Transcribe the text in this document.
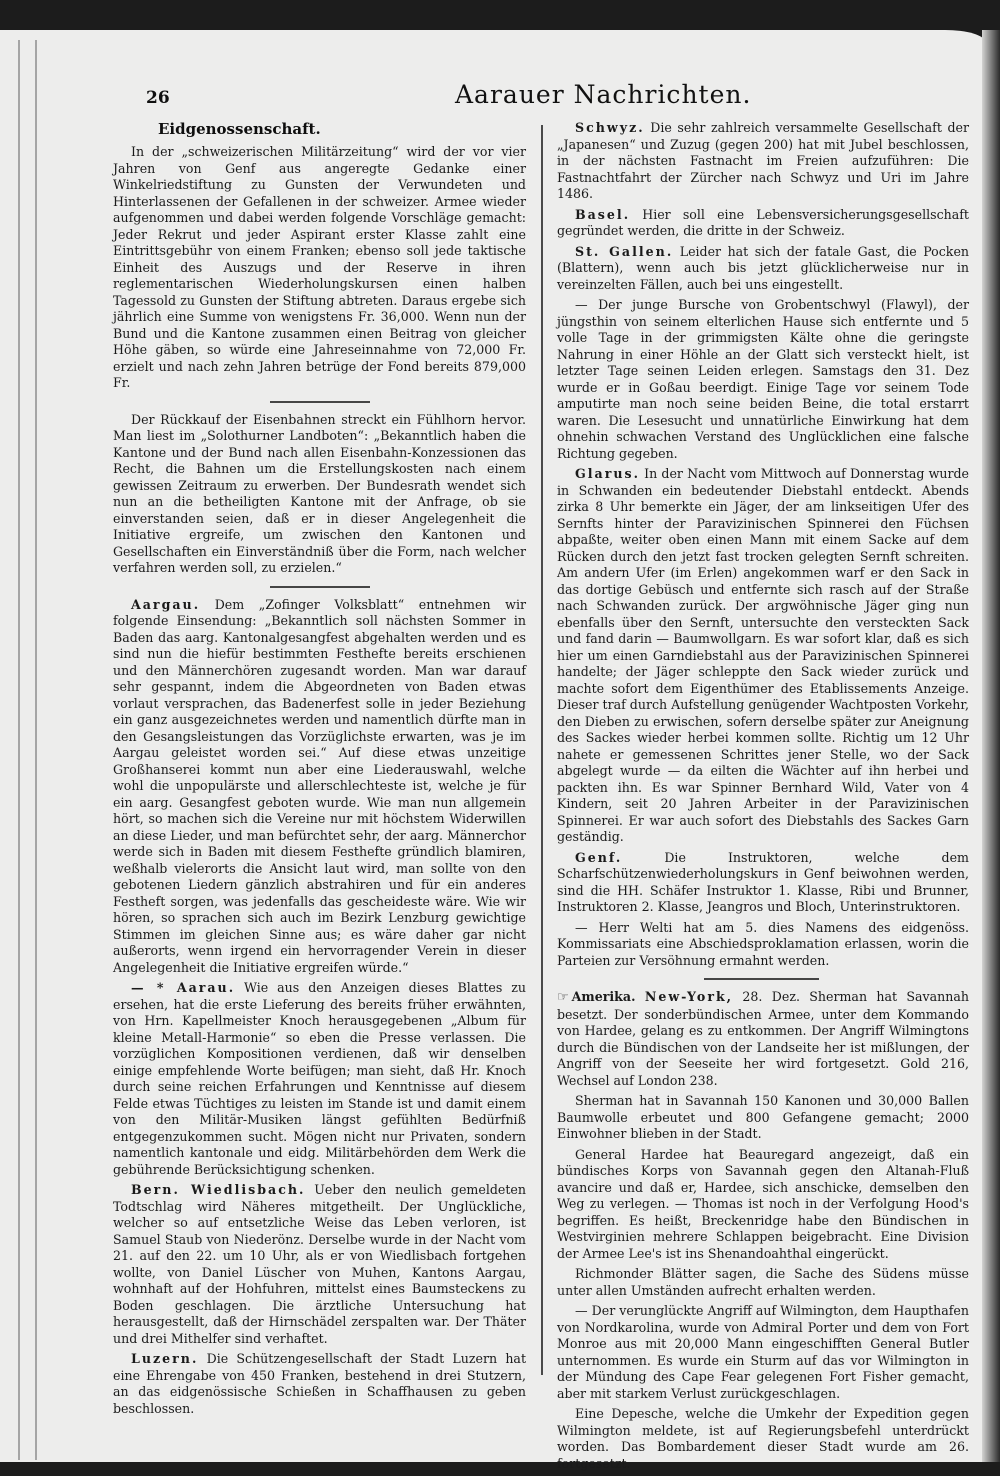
26	Aarauer Nachrichten.
Eidgenossenschaft.

In der „schweizerischen Militärzeitung“ wird der vor vier Jahren von Genf aus angeregte Gedanke einer Winkelriedstiftung zu Gunsten der Verwundeten und Hinterlassenen der Gefallenen in der schweizer. Armee wieder aufgenommen und dabei werden folgende Vorschläge gemacht: Jeder Rekrut und jeder Aspirant erster Klasse zahlt eine Eintrittsgebühr von einem Franken; ebenso soll jede taktische Einheit des Auszugs und der Reserve in ihren reglementarischen Wiederholungskursen einen halben Tagessold zu Gunsten der Stiftung abtreten. Daraus ergebe sich jährlich eine Summe von wenigstens Fr. 36,000. Wenn nun der Bund und die Kantone zusammen einen Beitrag von gleicher Höhe gäben, so würde eine Jahreseinnahme von 72,000 Fr. erzielt und nach zehn Jahren betrüge der Fond bereits 879,000 Fr.

Der Rückkauf der Eisenbahnen streckt ein Fühlhorn hervor. Man liest im „Solothurner Landboten“: „Bekanntlich haben die Kantone und der Bund nach allen Eisenbahn-Konzessionen das Recht, die Bahnen um die Erstellungskosten nach einem gewissen Zeitraum zu erwerben. Der Bundesrath wendet sich nun an die betheiligten Kantone mit der Anfrage, ob sie einverstanden seien, daß er in dieser Angelegenheit die Initiative ergreife, um zwischen den Kantonen und Gesellschaften ein Einverständniß über die Form, nach welcher verfahren werden soll, zu erzielen.“

Aargau. Dem „Zofinger Volksblatt“ entnehmen wir folgende Einsendung: „Bekanntlich soll nächsten Sommer in Baden das aarg. Kantonalgesangfest abgehalten werden und es sind nun die hiefür bestimmten Festhefte bereits erschienen und den Männerchören zugesandt worden. Man war darauf sehr gespannt, indem die Abgeordneten von Baden etwas vorlaut versprachen, das Badenerfest solle in jeder Beziehung ein ganz ausgezeichnetes werden und namentlich dürfte man in den Gesangsleistungen das Vorzüglichste erwarten, was je im Aargau geleistet worden sei.“ Auf diese etwas unzeitige Großhanserei kommt nun aber eine Liederauswahl, welche wohl die unpopulärste und allerschlechteste ist, welche je für ein aarg. Gesangfest geboten wurde. Wie man nun allgemein hört, so machen sich die Vereine nur mit höchstem Widerwillen an diese Lieder, und man befürchtet sehr, der aarg. Männerchor werde sich in Baden mit diesem Festhefte gründlich blamiren, weßhalb vielerorts die Ansicht laut wird, man sollte von den gebotenen Liedern gänzlich abstrahiren und für ein anderes Festheft sorgen, was jedenfalls das gescheideste wäre. Wie wir hören, so sprachen sich auch im Bezirk Lenzburg gewichtige Stimmen im gleichen Sinne aus; es wäre daher gar nicht außerorts, wenn irgend ein hervorragender Verein in dieser Angelegenheit die Initiative ergreifen würde.“

— * Aarau. Wie aus den Anzeigen dieses Blattes zu ersehen, hat die erste Lieferung des bereits früher erwähnten, von Hrn. Kapellmeister Knoch herausgegebenen „Album für kleine Metall-Harmonie“ so eben die Presse verlassen. Die vorzüglichen Kompositionen verdienen, daß wir denselben einige empfehlende Worte beifügen; man sieht, daß Hr. Knoch durch seine reichen Erfahrungen und Kenntnisse auf diesem Felde etwas Tüchtiges zu leisten im Stande ist und damit einem von den Militär-Musiken längst gefühlten Bedürfniß entgegenzukommen sucht. Mögen nicht nur Privaten, sondern namentlich kantonale und eidg. Militärbehörden dem Werk die gebührende Berücksichtigung schenken.

Bern. Wiedlisbach. Ueber den neulich gemeldeten Todtschlag wird Näheres mitgetheilt. Der Unglückliche, welcher so auf entsetzliche Weise das Leben verloren, ist Samuel Staub von Niederönz. Derselbe wurde in der Nacht vom 21. auf den 22. um 10 Uhr, als er von Wiedlisbach fortgehen wollte, von Daniel Lüscher von Muhen, Kantons Aargau, wohnhaft auf der Hohfuhren, mittelst eines Baumsteckens zu Boden geschlagen. Die ärztliche Untersuchung hat herausgestellt, daß der Hirnschädel zerspalten war. Der Thäter und drei Mithelfer sind verhaftet.

Luzern. Die Schützengesellschaft der Stadt Luzern hat eine Ehrengabe von 450 Franken, bestehend in drei Stutzern, an das eidgenössische Schießen in Schaffhausen zu geben beschlossen.

Schwyz. Die sehr zahlreich versammelte Gesellschaft der „Japanesen“ und Zuzug (gegen 200) hat mit Jubel beschlossen, in der nächsten Fastnacht im Freien aufzuführen: Die Fastnachtfahrt der Zürcher nach Schwyz und Uri im Jahre 1486.

Basel. Hier soll eine Lebensversicherungsgesellschaft gegründet werden, die dritte in der Schweiz.

St. Gallen. Leider hat sich der fatale Gast, die Pocken (Blattern), wenn auch bis jetzt glücklicherweise nur in vereinzelten Fällen, auch bei uns eingestellt.

— Der junge Bursche von Grobentschwyl (Flawyl), der jüngsthin von seinem elterlichen Hause sich entfernte und 5 volle Tage in der grimmigsten Kälte ohne die geringste Nahrung in einer Höhle an der Glatt sich versteckt hielt, ist letzter Tage seinen Leiden erlegen. Samstags den 31. Dez wurde er in Goßau beerdigt. Einige Tage vor seinem Tode amputirte man noch seine beiden Beine, die total erstarrt waren. Die Lesesucht und unnatürliche Einwirkung hat dem ohnehin schwachen Verstand des Unglücklichen eine falsche Richtung gegeben.

Glarus. In der Nacht vom Mittwoch auf Donnerstag wurde in Schwanden ein bedeutender Diebstahl entdeckt. Abends zirka 8 Uhr bemerkte ein Jäger, der am linkseitigen Ufer des Sernfts hinter der Paravizinischen Spinnerei den Füchsen abpaßte, weiter oben einen Mann mit einem Sacke auf dem Rücken durch den jetzt fast trocken gelegten Sernft schreiten. Am andern Ufer (im Erlen) angekommen warf er den Sack in das dortige Gebüsch und entfernte sich rasch auf der Straße nach Schwanden zurück. Der argwöhnische Jäger ging nun ebenfalls über den Sernft, untersuchte den versteckten Sack und fand darin — Baumwollgarn. Es war sofort klar, daß es sich hier um einen Garndiebstahl aus der Paravizinischen Spinnerei handelte; der Jäger schleppte den Sack wieder zurück und machte sofort dem Eigenthümer des Etablissements Anzeige. Dieser traf durch Aufstellung genügender Wachtposten Vorkehr, den Dieben zu erwischen, sofern derselbe später zur Aneignung des Sackes wieder herbei kommen sollte. Richtig um 12 Uhr nahete er gemessenen Schrittes jener Stelle, wo der Sack abgelegt wurde — da eilten die Wächter auf ihn herbei und packten ihn. Es war Spinner Bernhard Wild, Vater von 4 Kindern, seit 20 Jahren Arbeiter in der Paravizinischen Spinnerei. Er war auch sofort des Diebstahls des Sackes Garn geständig.

Genf.	Die Instruktoren, welche dem Scharfschützenwiederholungskurs in Genf beiwohnen werden, sind die HH. Schäfer Instruktor 1. Klasse, Ribi und Brunner, Instruktoren 2. Klasse, Jeangros und Bloch, Unterinstruktoren.

— Herr Welti hat am 5. dies Namens des eidgenöss. Kommissariats eine Abschiedsproklamation erlassen, worin die Parteien zur Versöhnung ermahnt werden.

☞ Amerika. New-York, 28. Dez. Sherman hat Savannah besetzt. Der sonderbündischen Armee, unter dem Kommando von Hardee, gelang es zu entkommen. Der Angriff Wilmingtons durch die Bündischen von der Landseite her ist mißlungen, der Angriff von der Seeseite her wird fortgesetzt. Gold 216, Wechsel auf London 238.

Sherman hat in Savannah 150 Kanonen und 30,000 Ballen Baumwolle erbeutet und 800 Gefangene gemacht; 2000 Einwohner blieben in der Stadt.

General Hardee hat Beauregard angezeigt, daß ein bündisches Korps von Savannah gegen den Altanah-Fluß avancire und daß er, Hardee, sich anschicke, demselben den Weg zu verlegen. — Thomas ist noch in der Verfolgung Hood's begriffen. Es heißt, Breckenridge habe den Bündischen in Westvirginien mehrere Schlappen beigebracht. Eine Division der Armee Lee's ist ins Shenandoahthal eingerückt.

Richmonder Blätter sagen, die Sache des Südens müsse unter allen Umständen aufrecht erhalten werden.

— Der verunglückte Angriff auf Wilmington, dem Haupthafen von Nordkarolina, wurde von Admiral Porter und dem von Fort Monroe aus mit 20,000 Mann eingeschifften General Butler unternommen. Es wurde ein Sturm auf das vor Wilmington in der Mündung des Cape Fear gelegenen Fort Fisher gemacht, aber mit starkem Verlust zurückgeschlagen.

Eine Depesche, welche die Umkehr der Expedition gegen Wilmington meldete, ist auf Regierungsbefehl unterdrückt worden. Das Bombardement dieser Stadt wurde am 26. fortgesetzt.
